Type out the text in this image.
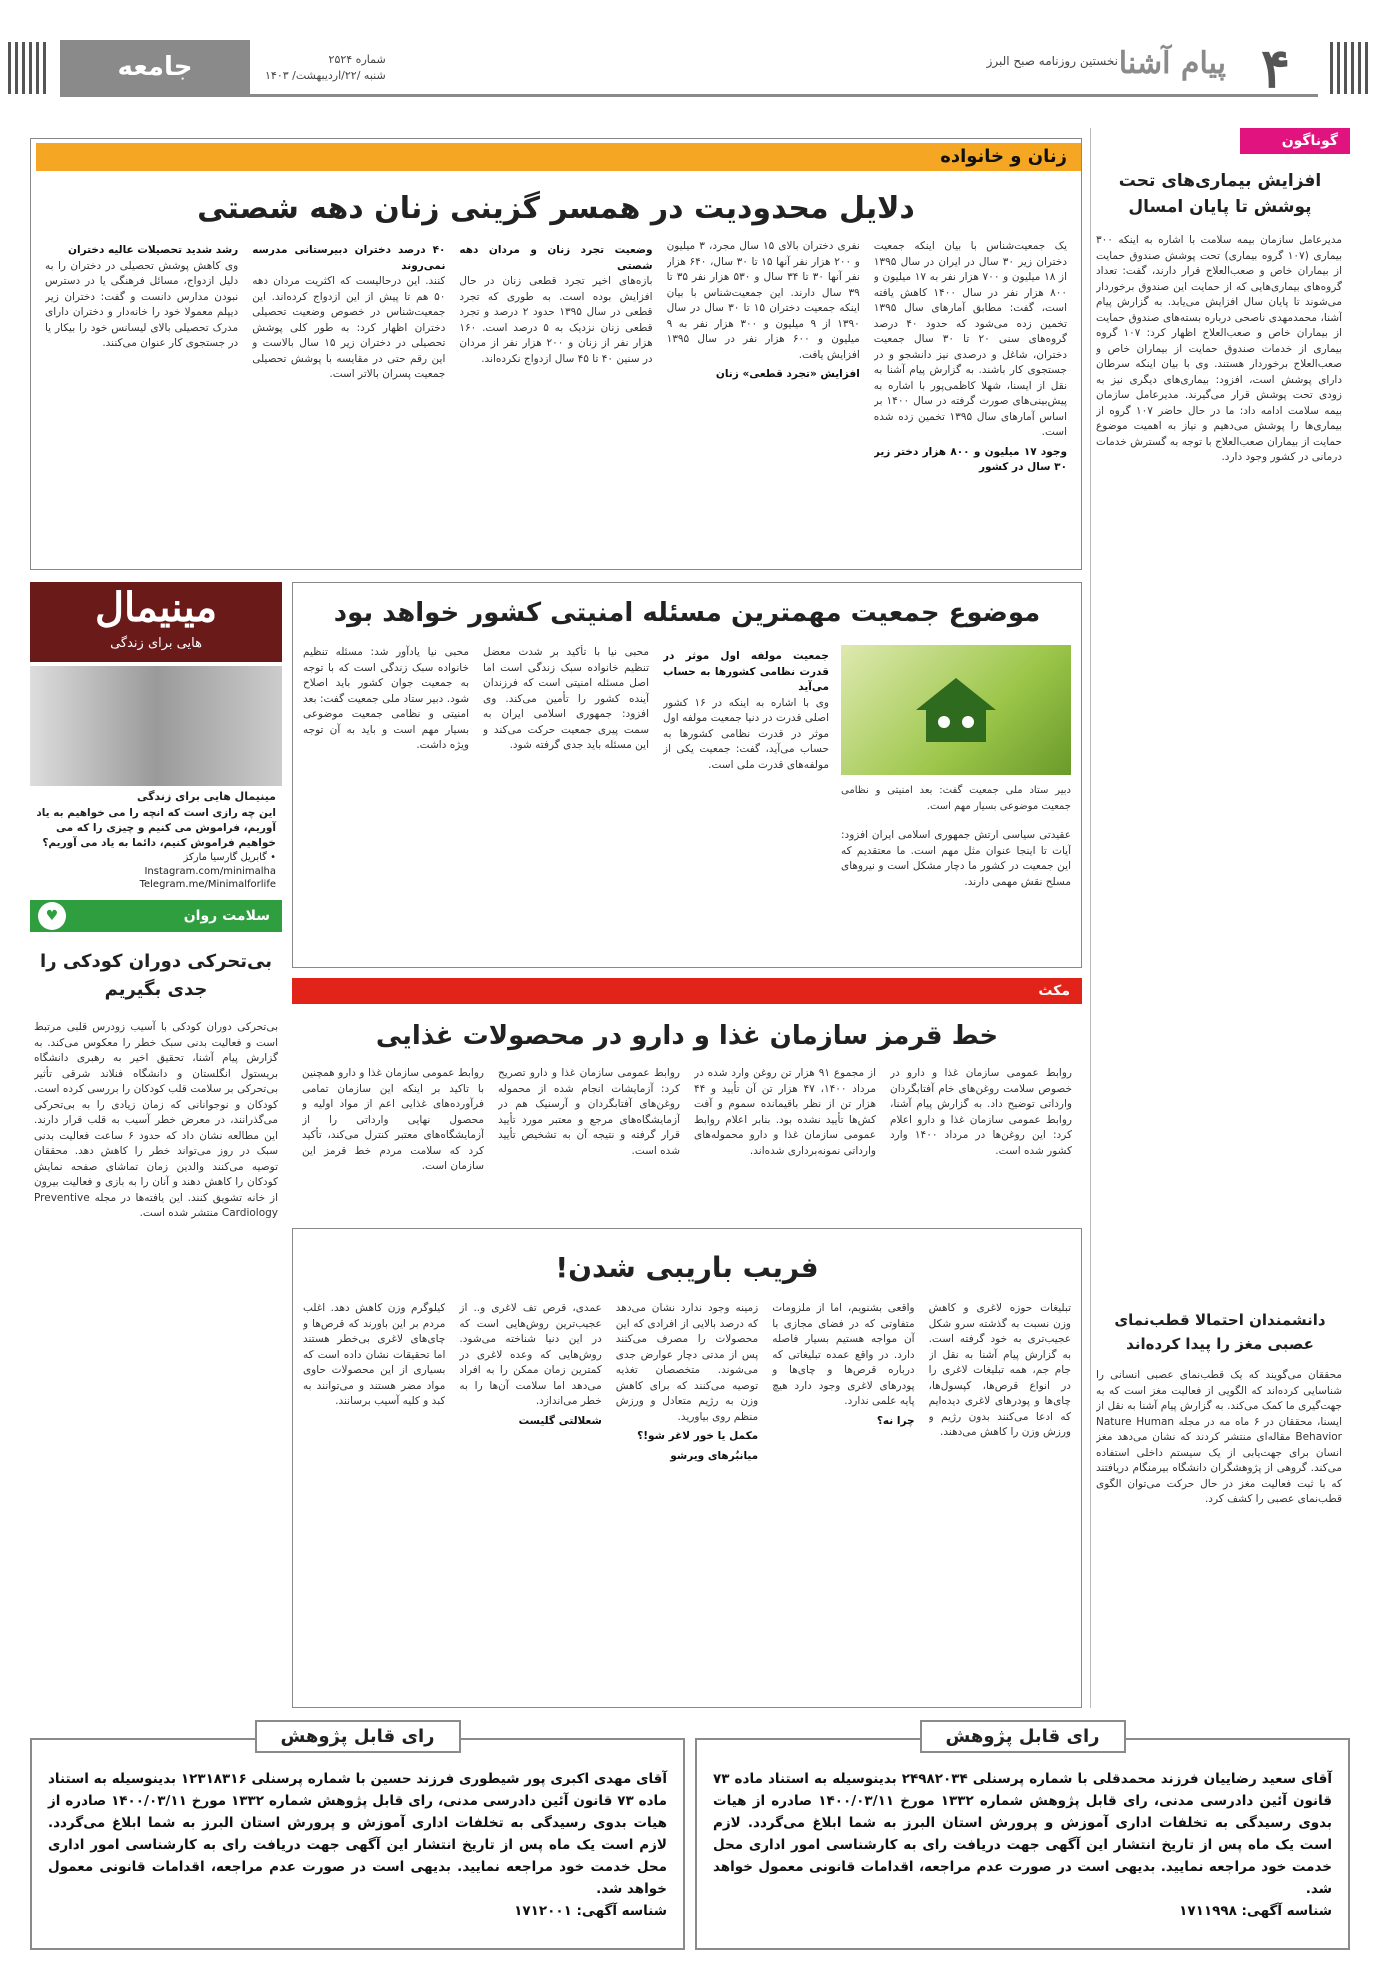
۴
پیام آشنا
نخستین روزنامه صبح البرز
شماره ۲۵۲۴
شنبه /۲۲/اردیبهشت/ ۱۴۰۳
جامعه
گوناگون
افزایش بیماری‌های تحت پوشش تا پایان امسال
مدیرعامل سازمان بیمه سلامت با اشاره به اینکه ۳۰۰ بیماری (۱۰۷ گروه بیماری) تحت پوشش صندوق حمایت از بیماران خاص و صعب‌العلاج قرار دارند، گفت: تعداد گروه‌های بیماری‌هایی که از حمایت این صندوق برخوردار می‌شوند تا پایان سال افزایش می‌یابد. به گزارش پیام آشنا، محمدمهدی ناصحی درباره بسته‌های صندوق حمایت از بیماران خاص و صعب‌العلاج اظهار کرد: ۱۰۷ گروه بیماری از خدمات صندوق حمایت از بیماران خاص و صعب‌العلاج برخوردار هستند. وی با بیان اینکه سرطان دارای پوشش است، افزود: بیماری‌های دیگری نیز به زودی تحت پوشش قرار می‌گیرند. مدیرعامل سازمان بیمه سلامت ادامه داد: ما در حال حاضر ۱۰۷ گروه از بیماری‌ها را پوشش می‌دهیم و نیاز به اهمیت موضوع حمایت از بیماران صعب‌العلاج با توجه به گسترش خدمات درمانی در کشور وجود دارد.
دانشمندان احتمالا قطب‌نمای عصبی مغز را پیدا کرده‌اند
محققان می‌گویند که یک قطب‌نمای عصبی انسانی را شناسایی کرده‌اند که الگویی از فعالیت مغز است که به جهت‌گیری ما کمک می‌کند. به گزارش پیام آشنا به نقل از ایسنا، محققان در ۶ ماه مه در مجله Nature Human Behavior مقاله‌ای منتشر کردند که نشان می‌دهد مغز انسان برای جهت‌یابی از یک سیستم داخلی استفاده می‌کند. گروهی از پژوهشگران دانشگاه بیرمنگام دریافتند که با ثبت فعالیت مغز در حال حرکت می‌توان الگوی قطب‌نمای عصبی را کشف کرد.
زنان و خانواده
دلایل محدودیت در همسر گزینی زنان دهه شصتی
یک جمعیت‌شناس با بیان اینکه جمعیت دختران زیر ۳۰ سال در ایران در سال ۱۳۹۵ از ۱۸ میلیون و ۷۰۰ هزار نفر به ۱۷ میلیون و ۸۰۰ هزار نفر در سال ۱۴۰۰ کاهش یافته است، گفت: مطابق آمارهای سال ۱۳۹۵ تخمین زده می‌شود که حدود ۴۰ درصد گروه‌های سنی ۲۰ تا ۳۰ سال جمعیت دختران، شاغل و درصدی نیز دانشجو و در جستجوی کار باشند. به گزارش پیام آشنا به نقل از ایسنا، شهلا کاظمی‌پور با اشاره به پیش‌بینی‌های صورت گرفته در سال ۱۴۰۰ بر اساس آمارهای سال ۱۳۹۵ تخمین زده شده است.
وجود ۱۷ میلیون و ۸۰۰ هزار دختر زیر ۳۰ سال در کشور
نفری دختران بالای ۱۵ سال مجرد، ۳ میلیون و ۲۰۰ هزار نفر آنها ۱۵ تا ۳۰ سال، ۶۴۰ هزار نفر آنها ۳۰ تا ۳۴ سال و ۵۳۰ هزار نفر ۳۵ تا ۳۹ سال دارند. این جمعیت‌شناس با بیان اینکه جمعیت دختران ۱۵ تا ۳۰ سال در سال ۱۳۹۰ از ۹ میلیون و ۳۰۰ هزار نفر به ۹ میلیون و ۶۰۰ هزار نفر در سال ۱۳۹۵ افزایش یافت.
افزایش «تجرد قطعی» زنان
وضعیت تجرد زنان و مردان دهه شصتی
بازه‌های اخیر تجرد قطعی زنان در حال افزایش بوده است. به طوری که تجرد قطعی در سال ۱۳۹۵ حدود ۲ درصد و تجرد قطعی زنان نزدیک به ۵ درصد است. ۱۶۰ هزار نفر از زنان و ۲۰۰ هزار نفر از مردان در سنین ۴۰ تا ۴۵ سال ازدواج نکرده‌اند.
۴۰ درصد دختران دبیرستانی مدرسه نمی‌روند
کنند. این درحالیست که اکثریت مردان دهه ۵۰ هم تا پیش از این ازدواج کرده‌اند. این جمعیت‌شناس در خصوص وضعیت تحصیلی دختران اظهار کرد: به طور کلی پوشش تحصیلی در دختران زیر ۱۵ سال بالاست و این رقم حتی در مقایسه با پوشش تحصیلی جمعیت پسران بالاتر است.
رشد شدید تحصیلات عالیه دختران
وی کاهش پوشش تحصیلی در دختران را به دلیل ازدواج، مسائل فرهنگی یا در دسترس نبودن مدارس دانست و گفت: دختران زیر دیپلم معمولا خود را خانه‌دار و دختران دارای مدرک تحصیلی بالای لیسانس خود را بیکار یا در جستجوی کار عنوان می‌کنند.
موضوع جمعیت مهمترین مسئله امنیتی کشور خواهد بود
دبیر ستاد ملی جمعیت گفت: بعد امنیتی و نظامی جمعیت موضوعی بسیار مهم است.
عقیدتی سیاسی ارتش جمهوری اسلامی ایران افزود: آیات تا اینجا عنوان مثل مهم است. ما معتقدیم که این جمعیت در کشور ما دچار مشکل است و نیروهای مسلح نقش مهمی دارند.
جمعیت مولفه اول موثر در قدرت نظامی کشورها به حساب می‌آید
وی با اشاره به اینکه در ۱۶ کشور اصلی قدرت در دنیا جمعیت مولفه اول موثر در قدرت نظامی کشورها به حساب می‌آید، گفت: جمعیت یکی از مولفه‌های قدرت ملی است.
محبی نیا با تأکید بر شدت معضل تنظیم خانواده سبک زندگی است اما اصل مسئله امنیتی است که فرزندان آینده کشور را تأمین می‌کند. وی افزود: جمهوری اسلامی ایران به سمت پیری جمعیت حرکت می‌کند و این مسئله باید جدی گرفته شود.
محبی نیا یادآور شد: مسئله تنظیم خانواده سبک زندگی است که با توجه به جمعیت جوان کشور باید اصلاح شود. دبیر ستاد ملی جمعیت گفت: بعد امنیتی و نظامی جمعیت موضوعی بسیار مهم است و باید به آن توجه ویژه داشت.
مینیمال
هایی برای زندگی
مینیمال هایی برای زندگی
این چه رازی است که انچه را می خواهیم به یاد آوریم، فراموش می کنیم و چیزی را که می خواهیم فراموش کنیم، دائما به یاد می آوریم؟
• گابریل گارسیا مارکز
Instagram.com/minimalha
Telegram.me/Minimalforlife
سلامت روان
♥
بی‌تحرکی دوران کودکی را جدی بگیریم
بی‌تحرکی دوران کودکی با آسیب زودرس قلبی مرتبط است و فعالیت بدنی سبک خطر را معکوس می‌کند. به گزارش پیام آشنا، تحقیق اخیر به رهبری دانشگاه بریستول انگلستان و دانشگاه فنلاند شرقی تأثیر بی‌تحرکی بر سلامت قلب کودکان را بررسی کرده است. کودکان و نوجوانانی که زمان زیادی را به بی‌تحرکی می‌گذرانند، در معرض خطر آسیب به قلب قرار دارند. این مطالعه نشان داد که حدود ۶ ساعت فعالیت بدنی سبک در روز می‌تواند خطر را کاهش دهد. محققان توصیه می‌کنند والدین زمان تماشای صفحه نمایش کودکان را کاهش دهند و آنان را به بازی و فعالیت بیرون از خانه تشویق کنند. این یافته‌ها در مجله Preventive Cardiology منتشر شده است.
مکث
خط قرمز سازمان غذا و دارو در محصولات غذایی
روابط عمومی سازمان غذا و دارو در خصوص سلامت روغن‌های خام آفتابگردان وارداتی توضیح داد. به گزارش پیام آشنا، روابط عمومی سازمان غذا و دارو اعلام کرد: این روغن‌ها در مرداد ۱۴۰۰ وارد کشور شده است.
از مجموع ۹۱ هزار تن روغن وارد شده در مرداد ۱۴۰۰، ۴۷ هزار تن آن تأیید و ۴۴ هزار تن از نظر باقیمانده سموم و آفت کش‌ها تأیید نشده بود. بنابر اعلام روابط عمومی سازمان غذا و دارو محموله‌های وارداتی نمونه‌برداری شده‌اند.
روابط عمومی سازمان غذا و دارو تصریح کرد: آزمایشات انجام شده از محموله روغن‌های آفتابگردان و آرسنیک هم در آزمایشگاه‌های مرجع و معتبر مورد تأیید قرار گرفته و نتیجه آن به تشخیص تأیید شده است.
روابط عمومی سازمان غذا و دارو همچنین با تاکید بر اینکه این سازمان تمامی فرآورده‌های غذایی اعم از مواد اولیه و محصول نهایی وارداتی را از آزمایشگاه‌های معتبر کنترل می‌کند، تأکید کرد که سلامت مردم خط قرمز این سازمان است.
فریب باریبی شدن!
تبلیغات حوزه لاغری و کاهش وزن نسبت به گذشته سرو شکل عجیب‌تری به خود گرفته است. به گزارش پیام آشنا به نقل از جام جم، همه تبلیغات لاغری را در انواع قرص‌ها، کپسول‌ها، چای‌ها و پودرهای لاغری دیده‌ایم که ادعا می‌کنند بدون رژیم و ورزش وزن را کاهش می‌دهند.
واقعی بشنویم، اما از ملزومات متفاوتی که در فضای مجازی با آن مواجه هستیم بسیار فاصله دارد. در واقع عمده تبلیغاتی که درباره قرص‌ها و چای‌ها و پودرهای لاغری وجود دارد هیچ پایه علمی ندارد.
چرا نه؟
زمینه وجود ندارد نشان می‌دهد که درصد بالایی از افرادی که این محصولات را مصرف می‌کنند پس از مدتی دچار عوارض جدی می‌شوند. متخصصان تغذیه توصیه می‌کنند که برای کاهش وزن به رژیم متعادل و ورزش منظم روی بیاورید.
مکمل یا خور لاغر شو!؟
میانبُرهای ویرشو
عمدی، قرص تف لاغری و.. از عجیب‌ترین روش‌هایی است که در این دنیا شناخته می‌شود. روش‌هایی که وعده لاغری در کمترین زمان ممکن را به افراد می‌دهد اما سلامت آن‌ها را به خطر می‌اندازد.
شعلالتی گلیست
کیلوگرم وزن کاهش دهد. اغلب مردم بر این باورند که قرص‌ها و چای‌های لاغری بی‌خطر هستند اما تحقیقات نشان داده است که بسیاری از این محصولات حاوی مواد مضر هستند و می‌توانند به کبد و کلیه آسیب برسانند.
رای قابل پژوهش
آقای سعید رضاییان فرزند محمدقلی با شماره پرسنلی ۲۴۹۸۲۰۳۴ بدینوسیله به استناد ماده ۷۳ قانون آئین دادرسی مدنی، رای قابل پژوهش شماره ۱۳۳۲ مورخ ۱۴۰۰/۰۳/۱۱ صادره از هیات بدوی رسیدگی به تخلفات اداری آموزش و پرورش استان البرز به شما ابلاغ می‌گردد. لازم است یک ماه پس از تاریخ انتشار این آگهی جهت دریافت رای به کارشناسی امور اداری محل خدمت خود مراجعه نمایید. بدیهی است در صورت عدم مراجعه، اقدامات قانونی معمول خواهد شد.
شناسه آگهی: ۱۷۱۱۹۹۸
رای قابل پژوهش
آقای مهدی اکبری پور شیطوری فرزند حسین با شماره پرسنلی ۱۲۳۱۸۳۱۶ بدینوسیله به استناد ماده ۷۳ قانون آئین دادرسی مدنی، رای قابل پژوهش شماره ۱۳۳۲ مورخ ۱۴۰۰/۰۳/۱۱ صادره از هیات بدوی رسیدگی به تخلفات اداری آموزش و پرورش استان البرز به شما ابلاغ می‌گردد. لازم است یک ماه پس از تاریخ انتشار این آگهی جهت دریافت رای به کارشناسی امور اداری محل خدمت خود مراجعه نمایید. بدیهی است در صورت عدم مراجعه، اقدامات قانونی معمول خواهد شد.
شناسه آگهی: ۱۷۱۲۰۰۱
